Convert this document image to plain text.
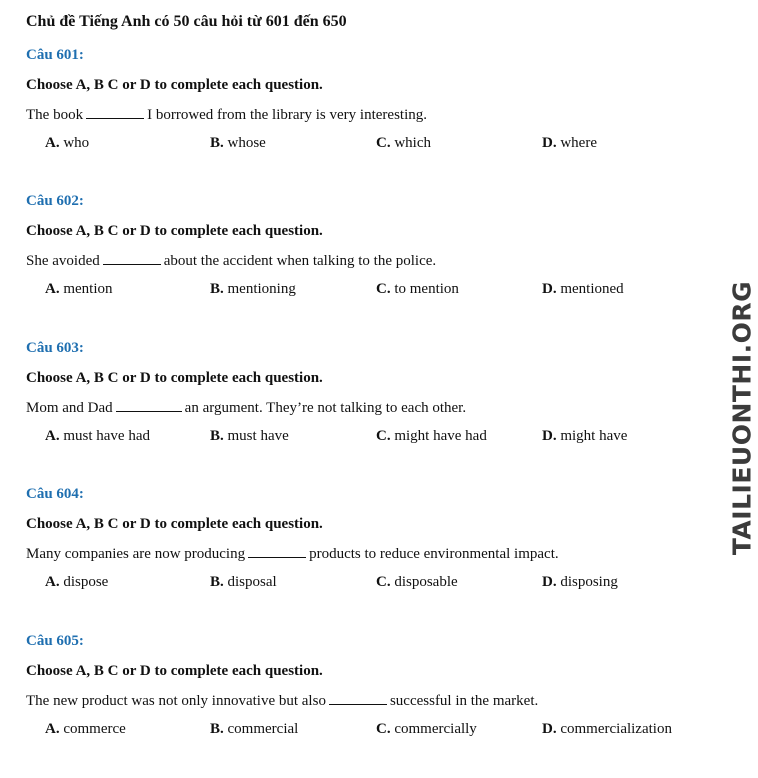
Chủ đề Tiếng Anh có 50 câu hỏi từ 601 đến 650
Câu 601:
Choose A, B C or D to complete each question.
The book	I borrowed from the library is very interesting.
A. who	B. whose	C. which	D. where
Câu 602:
Choose A, B C or D to complete each question.
She avoided	about the accident when talking to the police.
A. mention	B. mentioning	C. to mention	D. mentioned
Câu 603:
Choose A, B C or D to complete each question.
Mom and Dad	an argument. They’re not talking to each other.
A. must have had	B. must have	C. might have had	D. might have
Câu 604:
Choose A, B C or D to complete each question.
Many companies are now producing	products to reduce environmental impact.
A. dispose	B. disposal	C. disposable	D. disposing
Câu 605:
Choose A, B C or D to complete each question.
The new product was not only innovative but also	successful in the market.
A. commerce	B. commercial	C. commercially	D. commercialization
TAILIEUONTHI.ORG
